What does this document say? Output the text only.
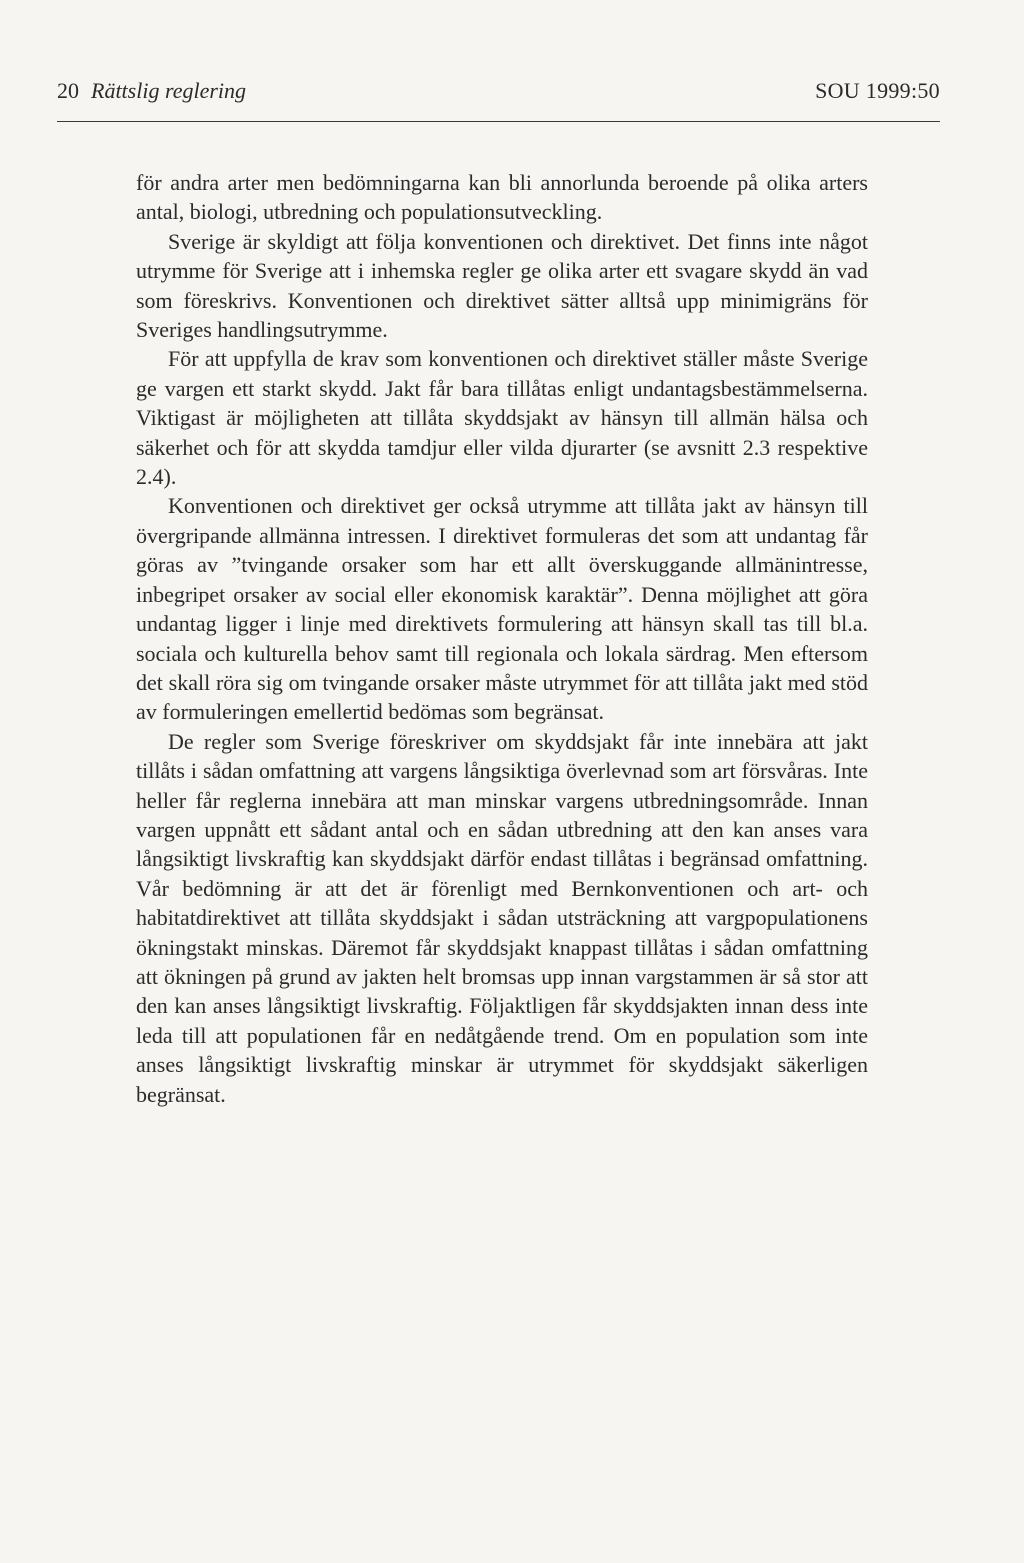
20 Rättslig reglering	SOU 1999:50

för andra arter men bedömningarna kan bli annorlunda beroende på olika arters antal, biologi, utbredning och populationsutveckling.

Sverige är skyldigt att följa konventionen och direktivet. Det finns inte något utrymme för Sverige att i inhemska regler ge olika arter ett svagare skydd än vad som föreskrivs. Konventionen och direktivet sätter alltså upp minimigräns för Sveriges handlingsutrymme.

För att uppfylla de krav som konventionen och direktivet ställer måste Sverige ge vargen ett starkt skydd. Jakt får bara tillåtas enligt undantagsbestämmelserna. Viktigast är möjligheten att tillåta skyddsjakt av hänsyn till allmän hälsa och säkerhet och för att skydda tamdjur eller vilda djurarter (se avsnitt 2.3 respektive 2.4).

Konventionen och direktivet ger också utrymme att tillåta jakt av hänsyn till övergripande allmänna intressen. I direktivet formuleras det som att undantag får göras av ”tvingande orsaker som har ett allt överskuggande allmänintresse, inbegripet orsaker av social eller ekonomisk karaktär”. Denna möjlighet att göra undantag ligger i linje med direktivets formulering att hänsyn skall tas till bl.a. sociala och kulturella behov samt till regionala och lokala särdrag. Men eftersom det skall röra sig om tvingande orsaker måste utrymmet för att tillåta jakt med stöd av formuleringen emellertid bedömas som begränsat.

De regler som Sverige föreskriver om skyddsjakt får inte innebära att jakt tillåts i sådan omfattning att vargens långsiktiga överlevnad som art försvåras. Inte heller får reglerna innebära att man minskar vargens utbredningsområde. Innan vargen uppnått ett sådant antal och en sådan utbredning att den kan anses vara långsiktigt livskraftig kan skyddsjakt därför endast tillåtas i begränsad omfattning. Vår bedömning är att det är förenligt med Bernkonventionen och art- och habitatdirektivet att tillåta skyddsjakt i sådan utsträckning att vargpopulationens ökningstakt minskas. Däremot får skyddsjakt knappast tillåtas i sådan omfattning att ökningen på grund av jakten helt bromsas upp innan vargstammen är så stor att den kan anses långsiktigt livskraftig. Följaktligen får skyddsjakten innan dess inte leda till att populationen får en nedåtgående trend. Om en population som inte anses långsiktigt livskraftig minskar är utrymmet för skyddsjakt säkerligen begränsat.
